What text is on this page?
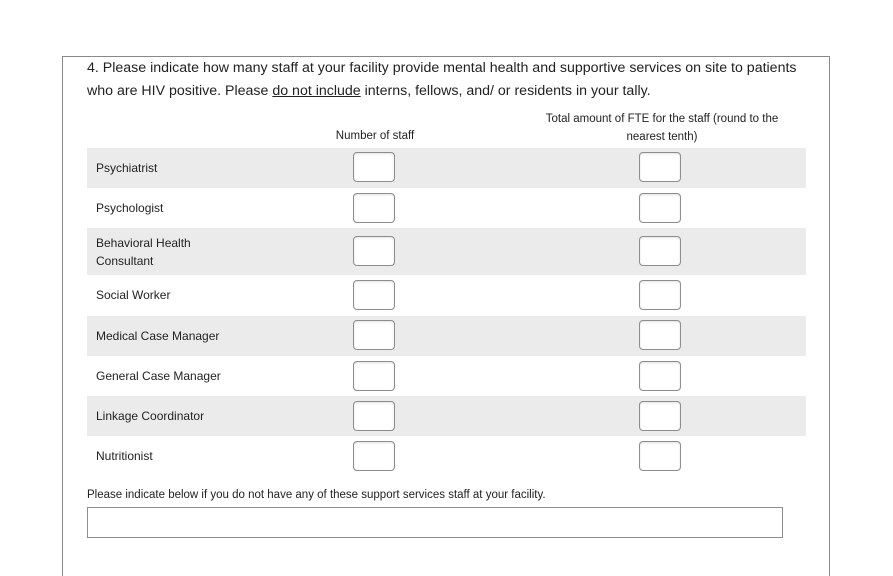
4. Please indicate how many staff at your facility provide mental health and supportive services on site to patients who are HIV positive. Please do not include interns, fellows, and/ or residents in your tally.
Number of staff
Total amount of FTE for the staff (round to the nearest tenth)
Psychiatrist
Psychologist
Behavioral Health Consultant
Social Worker
Medical Case Manager
General Case Manager
Linkage Coordinator
Nutritionist
Please indicate below if you do not have any of these support services staff at your facility.
